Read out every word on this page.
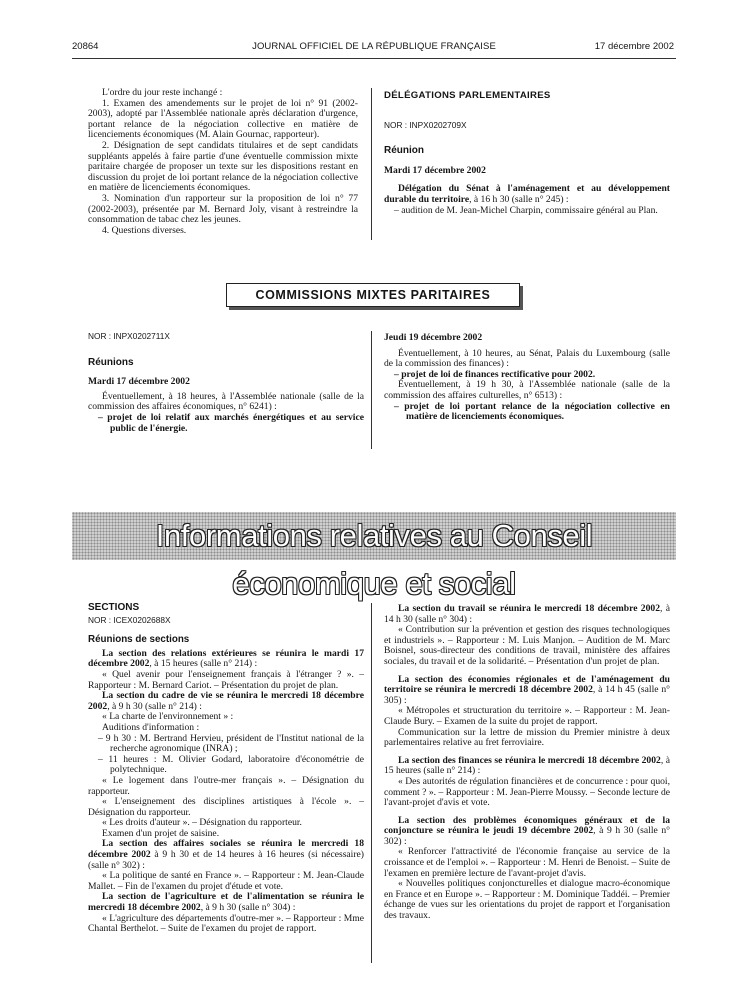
20864	JOURNAL OFFICIEL DE LA RÉPUBLIQUE FRANÇAISE	17 décembre 2002

L'ordre du jour reste inchangé :

1. Examen des amendements sur le projet de loi n° 91 (2002-2003), adopté par l'Assemblée nationale après déclaration d'urgence, portant relance de la négociation collective en matière de licenciements économiques (M. Alain Gournac, rapporteur).

2. Désignation de sept candidats titulaires et de sept candidats suppléants appelés à faire partie d'une éventuelle commission mixte paritaire chargée de proposer un texte sur les dispositions restant en discussion du projet de loi portant relance de la négociation collective en matière de licenciements économiques.

3. Nomination d'un rapporteur sur la proposition de loi n° 77 (2002-2003), présentée par M. Bernard Joly, visant à restreindre la consommation de tabac chez les jeunes.

4. Questions diverses.

DÉLÉGATIONS PARLEMENTAIRES

NOR : INPX0202709X

Réunion

Mardi 17 décembre 2002

Délégation du Sénat à l'aménagement et au développement durable du territoire, à 16 h 30 (salle n° 245) :

– audition de M. Jean-Michel Charpin, commissaire général au Plan.

COMMISSIONS MIXTES PARITAIRES

NOR : INPX0202711X

Réunions

Mardi 17 décembre 2002

Éventuellement, à 18 heures, à l'Assemblée nationale (salle de la commission des affaires économiques, n° 6241) :

– projet de loi relatif aux marchés énergétiques et au service public de l'énergie.

Jeudi 19 décembre 2002

Éventuellement, à 10 heures, au Sénat, Palais du Luxembourg (salle de la commission des finances) :

– projet de loi de finances rectificative pour 2002.

Éventuellement, à 19 h 30, à l'Assemblée nationale (salle de la commission des affaires culturelles, n° 6513) :

– projet de loi portant relance de la négociation collective en matière de licenciements économiques.

Informations relatives au Conseil économique et social

SECTIONS

NOR : ICEX0202688X

Réunions de sections

La section des relations extérieures se réunira le mardi 17 décembre 2002, à 15 heures (salle n° 214) :

« Quel avenir pour l'enseignement français à l'étranger ? ». – Rapporteur : M. Bernard Cariot. – Présentation du projet de plan.

La section du cadre de vie se réunira le mercredi 18 décembre 2002, à 9 h 30 (salle n° 214) :

« La charte de l'environnement » :

Auditions d'information :

– 9 h 30 : M. Bertrand Hervieu, président de l'Institut national de la recherche agronomique (INRA) ;

– 11 heures : M. Olivier Godard, laboratoire d'économétrie de polytechnique.

« Le logement dans l'outre-mer français ». – Désignation du rapporteur.

« L'enseignement des disciplines artistiques à l'école ». – Désignation du rapporteur.

« Les droits d'auteur ». – Désignation du rapporteur.

Examen d'un projet de saisine.

La section des affaires sociales se réunira le mercredi 18 décembre 2002 à 9 h 30 et de 14 heures à 16 heures (si nécessaire) (salle n° 302) :

« La politique de santé en France ». – Rapporteur : M. Jean-Claude Mallet. – Fin de l'examen du projet d'étude et vote.

La section de l'agriculture et de l'alimentation se réunira le mercredi 18 décembre 2002, à 9 h 30 (salle n° 304) :

« L'agriculture des départements d'outre-mer ». – Rapporteur : Mme Chantal Berthelot. – Suite de l'examen du projet de rapport.

La section du travail se réunira le mercredi 18 décembre 2002, à 14 h 30 (salle n° 304) :

« Contribution sur la prévention et gestion des risques technologiques et industriels ». – Rapporteur : M. Luis Manjon. – Audition de M. Marc Boisnel, sous-directeur des conditions de travail, ministère des affaires sociales, du travail et de la solidarité. – Présentation d'un projet de plan.

La section des économies régionales et de l'aménagement du territoire se réunira le mercredi 18 décembre 2002, à 14 h 45 (salle n° 305) :

« Métropoles et structuration du territoire ». – Rapporteur : M. Jean-Claude Bury. – Examen de la suite du projet de rapport.

Communication sur la lettre de mission du Premier ministre à deux parlementaires relative au fret ferroviaire.

La section des finances se réunira le mercredi 18 décembre 2002, à 15 heures (salle n° 214) :

« Des autorités de régulation financières et de concurrence : pour quoi, comment ? ». – Rapporteur : M. Jean-Pierre Moussy. – Seconde lecture de l'avant-projet d'avis et vote.

La section des problèmes économiques généraux et de la conjoncture se réunira le jeudi 19 décembre 2002, à 9 h 30 (salle n° 302) :

« Renforcer l'attractivité de l'économie française au service de la croissance et de l'emploi ». – Rapporteur : M. Henri de Benoist. – Suite de l'examen en première lecture de l'avant-projet d'avis.

« Nouvelles politiques conjoncturelles et dialogue macro-économique en France et en Europe ». – Rapporteur : M. Dominique Taddéi. – Premier échange de vues sur les orientations du projet de rapport et l'organisation des travaux.
